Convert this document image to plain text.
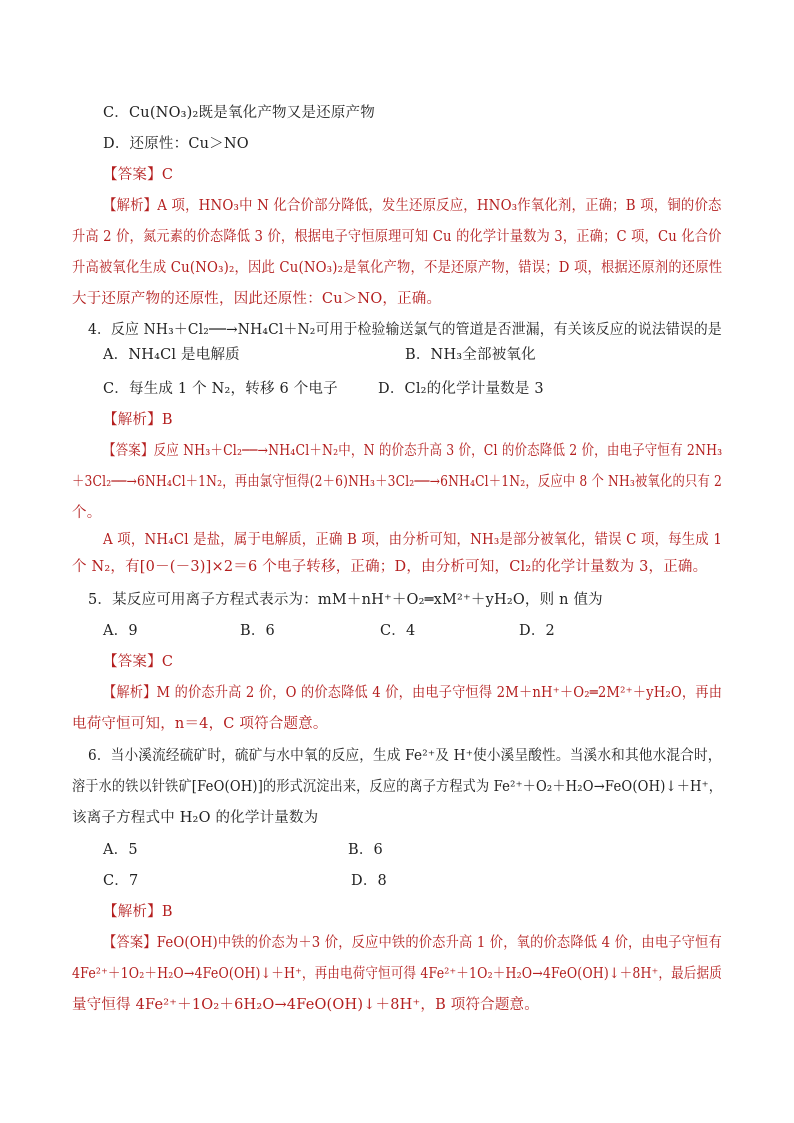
C．Cu(NO₃)₂既是氧化产物又是还原产物
D．还原性：Cu＞NO
【答案】C
【解析】A 项，HNO₃中 N 化合价部分降低，发生还原反应，HNO₃作氧化剂，正确；B 项，铜的价态
升高 2 价，氮元素的价态降低 3 价，根据电子守恒原理可知 Cu 的化学计量数为 3，正确；C 项，Cu 化合价
升高被氧化生成 Cu(NO₃)₂，因此 Cu(NO₃)₂是氧化产物，不是还原产物，错误；D 项，根据还原剂的还原性
大于还原产物的还原性，因此还原性：Cu＞NO，正确。
4．反应 NH₃＋Cl₂──→NH₄Cl＋N₂可用于检验输送氯气的管道是否泄漏，有关该反应的说法错误的是
A．NH₄Cl 是电解质	B．NH₃全部被氧化
C．每生成 1 个 N₂，转移 6 个电子	D．Cl₂的化学计量数是 3
【解析】B
【答案】反应 NH₃＋Cl₂──→NH₄Cl＋N₂中，N 的价态升高 3 价，Cl 的价态降低 2 价，由电子守恒有 2NH₃
＋3Cl₂──→6NH₄Cl＋1N₂，再由氯守恒得(2＋6)NH₃＋3Cl₂──→6NH₄Cl＋1N₂，反应中 8 个 NH₃被氧化的只有 2
个。
A 项，NH₄Cl 是盐，属于电解质，正确 B 项，由分析可知，NH₃是部分被氧化，错误 C 项，每生成 1
个 N₂，有[0－(－3)]×2＝6 个电子转移，正确；D，由分析可知，Cl₂的化学计量数为 3，正确。
5．某反应可用离子方程式表示为：mM＋nH⁺＋O₂═xM²⁺＋yH₂O，则 n 值为
A．9	B．6	C．4	D．2
【答案】C
【解析】M 的价态升高 2 价，O 的价态降低 4 价，由电子守恒得 2M＋nH⁺＋O₂═2M²⁺＋yH₂O，再由
电荷守恒可知，n＝4，C 项符合题意。
6．当小溪流经硫矿时，硫矿与水中氧的反应，生成 Fe²⁺及 H⁺使小溪呈酸性。当溪水和其他水混合时，
溶于水的铁以针铁矿[FeO(OH)]的形式沉淀出来，反应的离子方程式为 Fe²⁺＋O₂＋H₂O→FeO(OH)↓＋H⁺，
该离子方程式中 H₂O 的化学计量数为
A．5	B．6
C．7	D．8
【解析】B
【答案】FeO(OH)中铁的价态为＋3 价，反应中铁的价态升高 1 价，氧的价态降低 4 价，由电子守恒有
4Fe²⁺＋1O₂＋H₂O→4FeO(OH)↓＋H⁺，再由电荷守恒可得 4Fe²⁺＋1O₂＋H₂O→4FeO(OH)↓＋8H⁺，最后据质
量守恒得 4Fe²⁺＋1O₂＋6H₂O→4FeO(OH)↓＋8H⁺，B 项符合题意。
